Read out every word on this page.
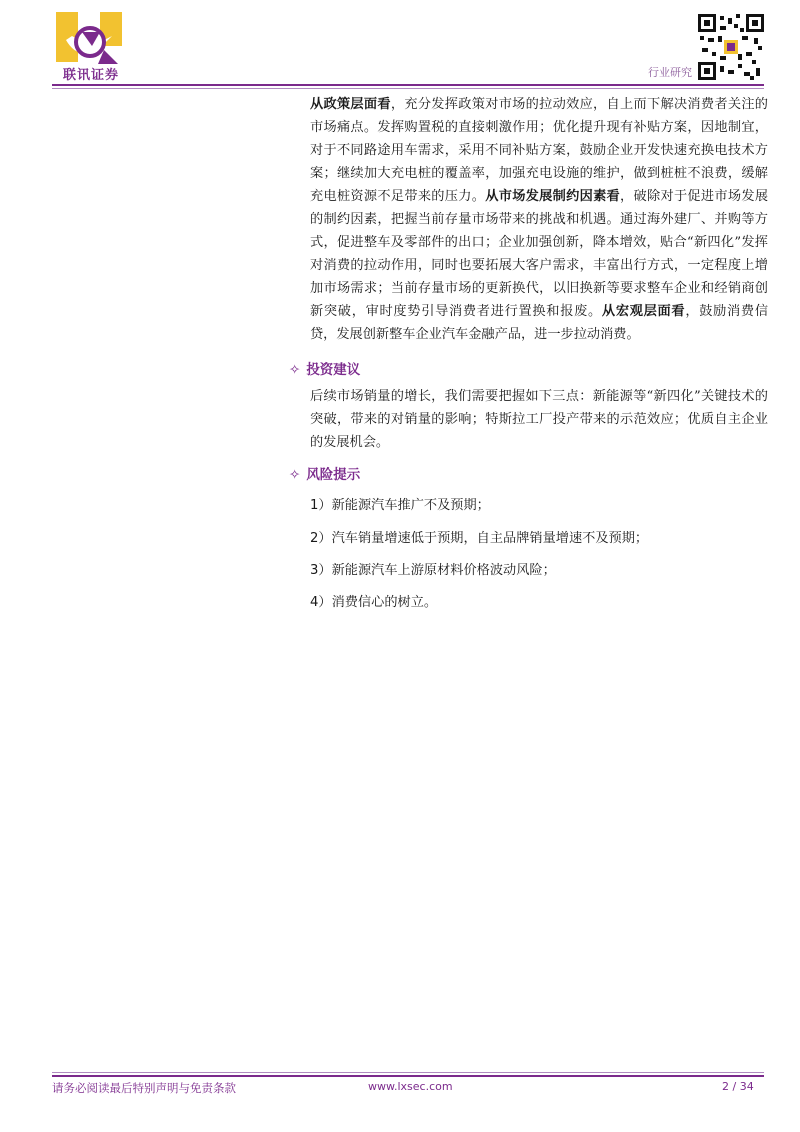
联讯证券	行业研究

从政策层面看，充分发挥政策对市场的拉动效应，自上而下解决消费者关注的市场痛点。发挥购置税的直接刺激作用；优化提升现有补贴方案，因地制宜，对于不同路途用车需求，采用不同补贴方案，鼓励企业开发快速充换电技术方案；继续加大充电桩的覆盖率，加强充电设施的维护，做到桩桩不浪费，缓解充电桩资源不足带来的压力。从市场发展制约因素看，破除对于促进市场发展的制约因素，把握当前存量市场带来的挑战和机遇。通过海外建厂、并购等方式，促进整车及零部件的出口；企业加强创新，降本增效，贴合“新四化”发挥对消费的拉动作用，同时也要拓展大客户需求，丰富出行方式，一定程度上增加市场需求；当前存量市场的更新换代，以旧换新等要求整车企业和经销商创新突破，审时度势引导消费者进行置换和报废。从宏观层面看，鼓励消费信贷，发展创新整车企业汽车金融产品，进一步拉动消费。

✧ 投资建议
后续市场销量的增长，我们需要把握如下三点：新能源等“新四化”关键技术的突破，带来的对销量的影响；特斯拉工厂投产带来的示范效应；优质自主企业的发展机会。
✧ 风险提示
1）新能源汽车推广不及预期；
2）汽车销量增速低于预期，自主品牌销量增速不及预期；
3）新能源汽车上游原材料价格波动风险；
4）消费信心的树立。
请务必阅读最后特别声明与免责条款	www.lxsec.com	2 / 34
